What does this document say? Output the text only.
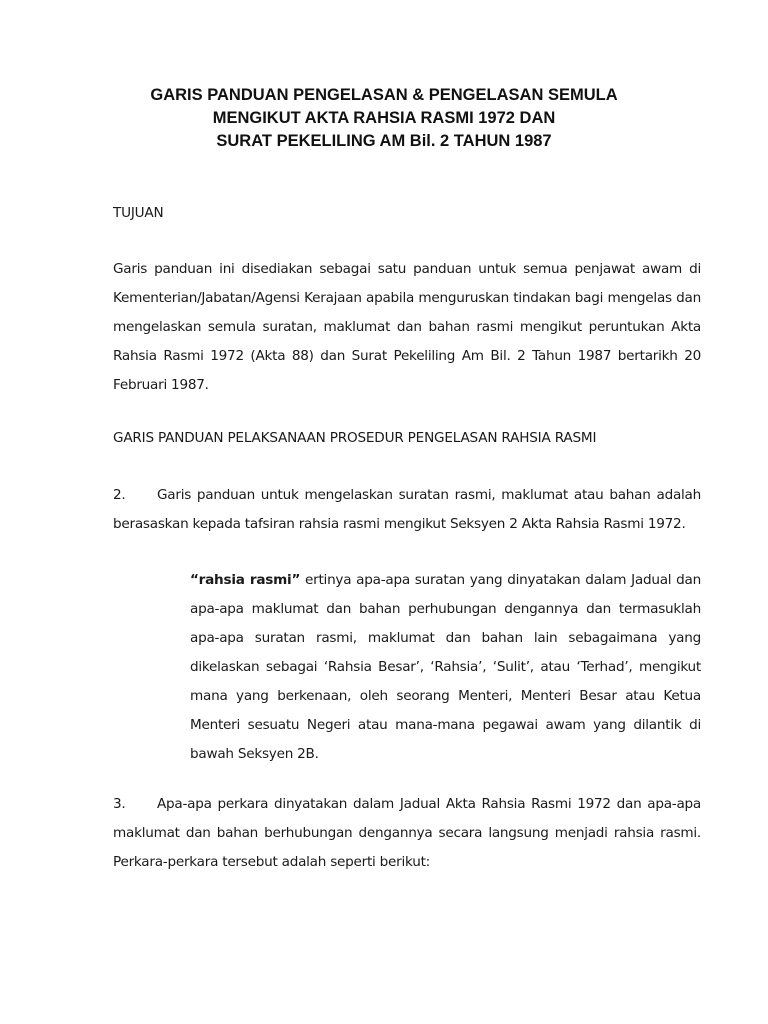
GARIS PANDUAN PENGELASAN & PENGELASAN SEMULA
MENGIKUT AKTA RAHSIA RASMI 1972 DAN
SURAT PEKELILING AM Bil. 2 TAHUN 1987
TUJUAN
Garis panduan ini disediakan sebagai satu panduan untuk semua penjawat awam di Kementerian/Jabatan/Agensi Kerajaan apabila menguruskan tindakan bagi mengelas dan mengelaskan semula suratan, maklumat dan bahan rasmi mengikut peruntukan Akta Rahsia Rasmi 1972 (Akta 88) dan Surat Pekeliling Am Bil. 2 Tahun 1987 bertarikh 20 Februari 1987.
GARIS PANDUAN PELAKSANAAN PROSEDUR PENGELASAN RAHSIA RASMI
2. Garis panduan untuk mengelaskan suratan rasmi, maklumat atau bahan adalah berasaskan kepada tafsiran rahsia rasmi mengikut Seksyen 2 Akta Rahsia Rasmi 1972.
“rahsia rasmi” ertinya apa-apa suratan yang dinyatakan dalam Jadual dan apa-apa maklumat dan bahan perhubungan dengannya dan termasuklah apa-apa suratan rasmi, maklumat dan bahan lain sebagaimana yang dikelaskan sebagai ‘Rahsia Besar’, ‘Rahsia’, ‘Sulit’, atau ‘Terhad’, mengikut mana yang berkenaan, oleh seorang Menteri, Menteri Besar atau Ketua Menteri sesuatu Negeri atau mana-mana pegawai awam yang dilantik di bawah Seksyen 2B.
3. Apa-apa perkara dinyatakan dalam Jadual Akta Rahsia Rasmi 1972 dan apa-apa maklumat dan bahan berhubungan dengannya secara langsung menjadi rahsia rasmi. Perkara-perkara tersebut adalah seperti berikut:
